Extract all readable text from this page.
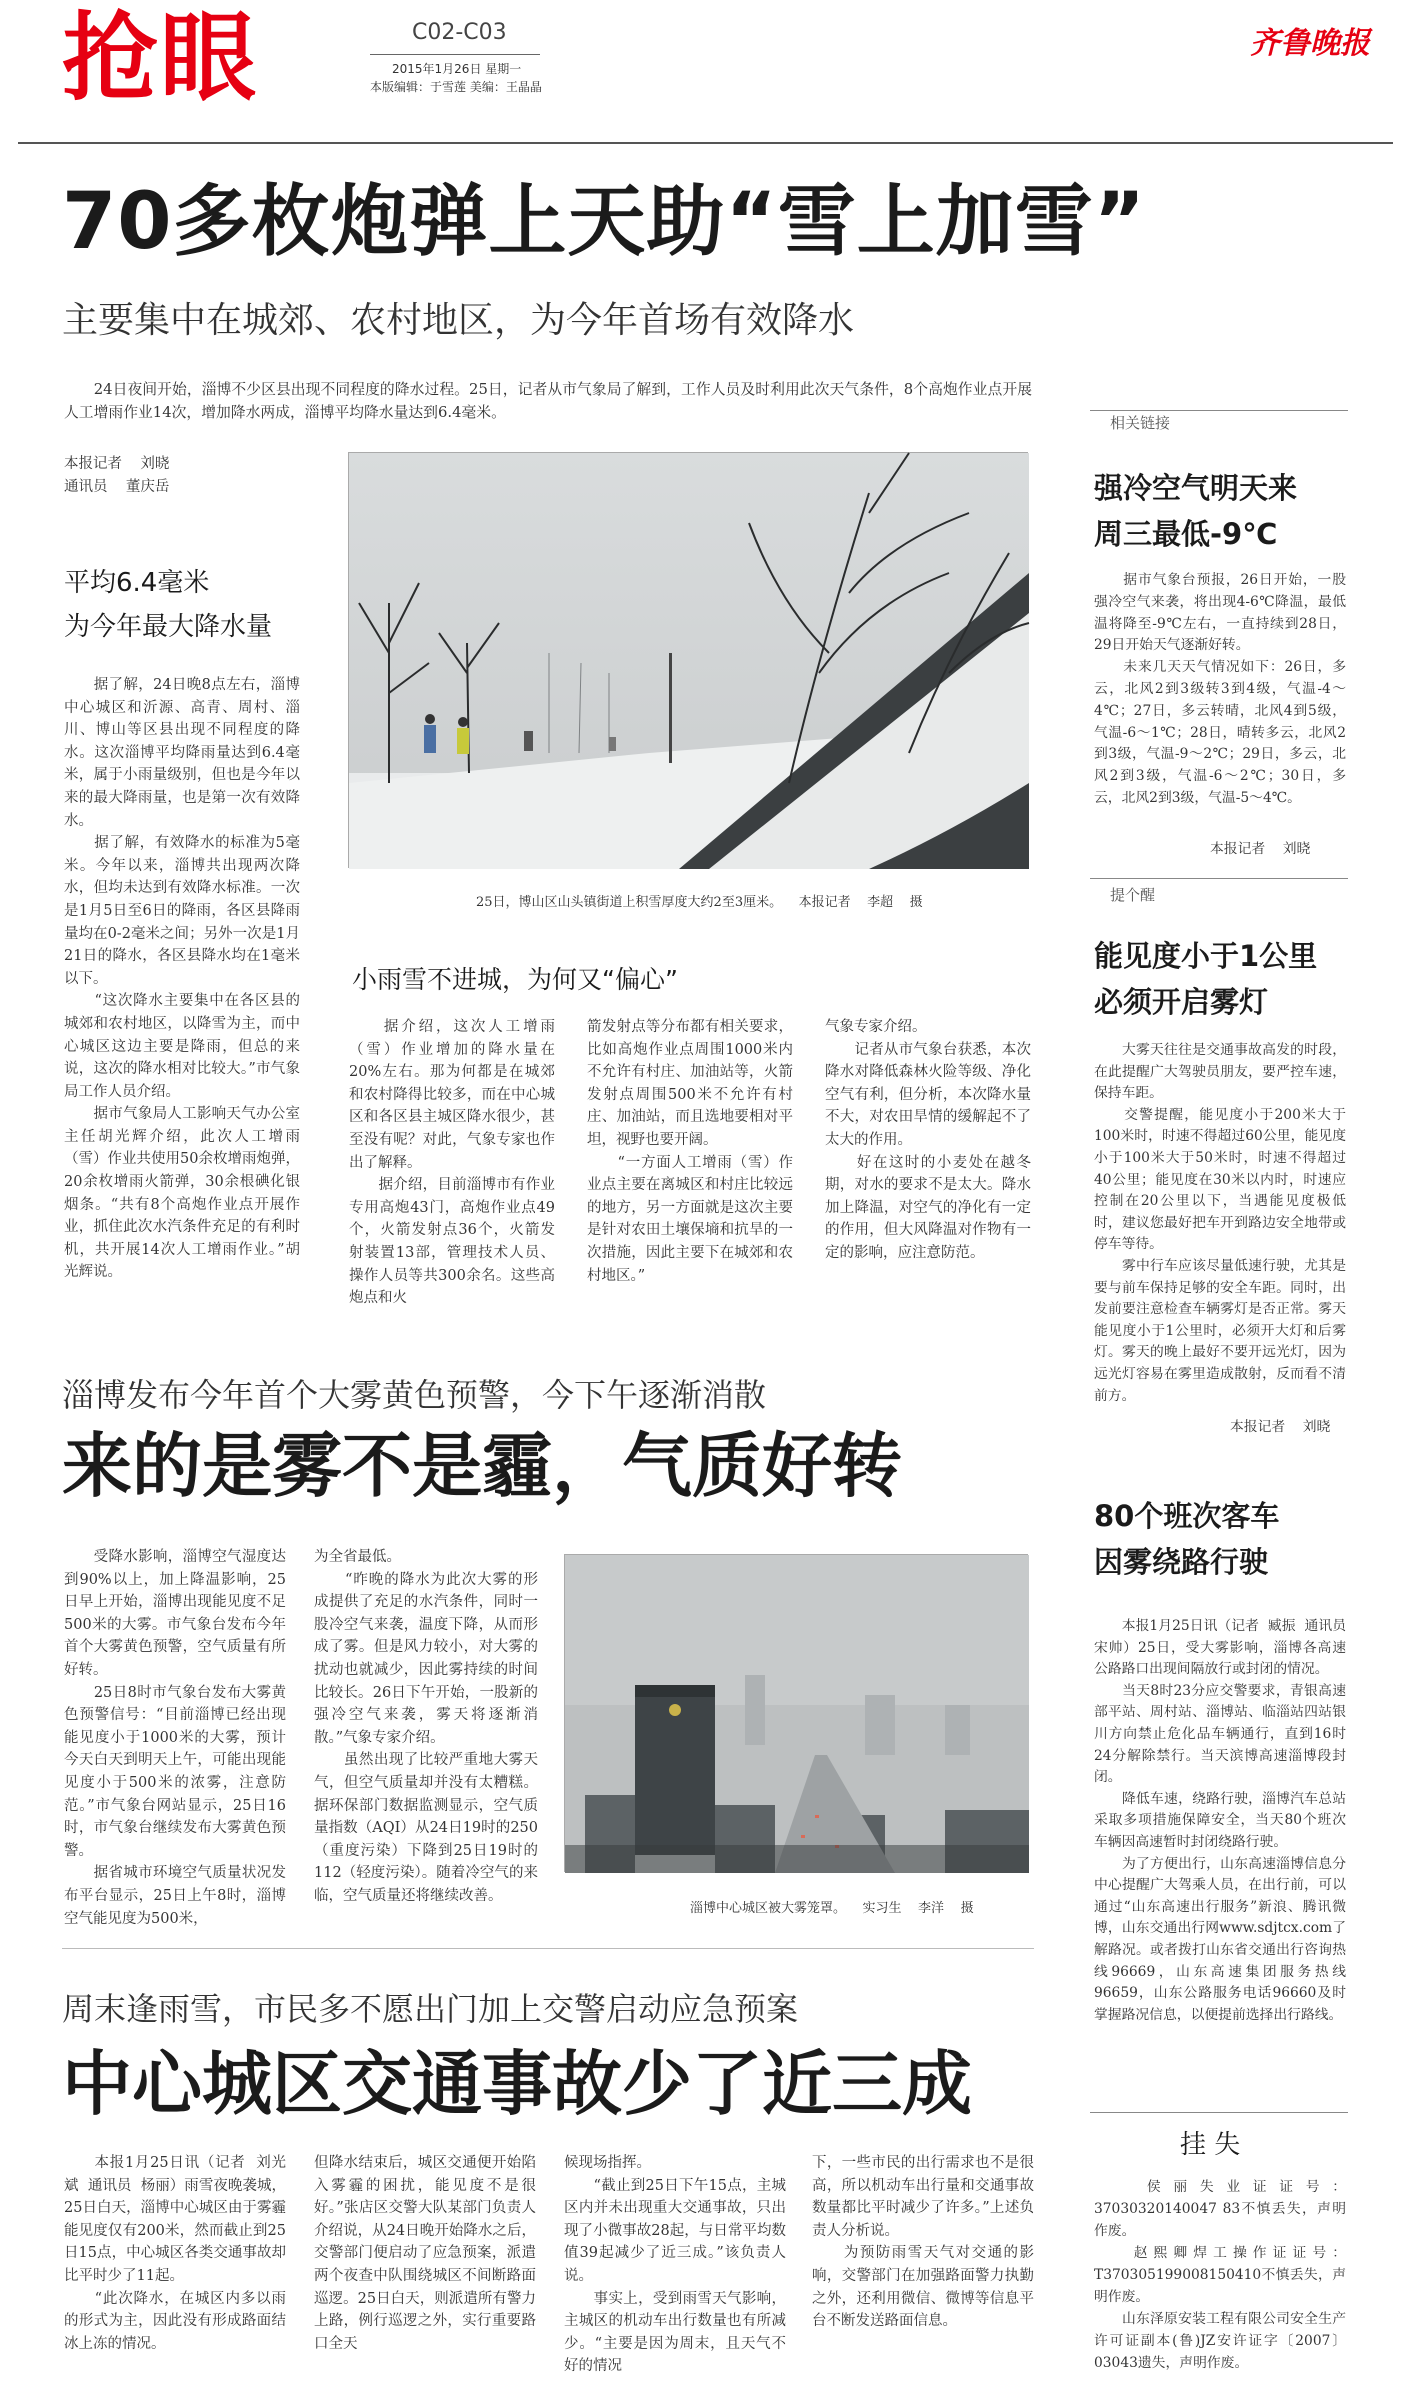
抢眼	C02-C03
2015年1月26日 星期一
本版编辑：于雪莲 美编：王晶晶
齐鲁晚报
70多枚炮弹上天助“雪上加雪”
主要集中在城郊、农村地区，为今年首场有效降水
　　24日夜间开始，淄博不少区县出现不同程度的降水过程。25日，记者从市气象局了解到，工作人员及时利用此次天气条件，8个高炮作业点开展人工增雨作业14次，增加降水两成，淄博平均降水量达到6.4毫米。
本报记者    刘晓
通讯员    董庆岳
平均6.4毫米
为今年最大降水量
　　据了解，24日晚8点左右，淄博中心城区和沂源、高青、周村、淄川、博山等区县出现不同程度的降水。这次淄博平均降雨量达到6.4毫米，属于小雨量级别，但也是今年以来的最大降雨量，也是第一次有效降水。
　　据了解，有效降水的标准为5毫米。今年以来，淄博共出现两次降水，但均未达到有效降水标准。一次是1月5日至6日的降雨，各区县降雨量均在0-2毫米之间；另外一次是1月21日的降水，各区县降水均在1毫米以下。
　　“这次降水主要集中在各区县的城郊和农村地区，以降雪为主，而中心城区这边主要是降雨，但总的来说，这次的降水相对比较大。”市气象局工作人员介绍。
　　据市气象局人工影响天气办公室主任胡光辉介绍，此次人工增雨（雪）作业共使用50余枚增雨炮弹，20余枚增雨火箭弹，30余根碘化银烟条。“共有8个高炮作业点开展作业，抓住此次水汽条件充足的有利时机，共开展14次人工增雨作业。”胡光辉说。
25日，博山区山头镇街道上积雪厚度大约2至3厘米。    本报记者    李超    摄
小雨雪不进城，为何又“偏心”
　　据介绍，这次人工增雨（雪）作业增加的降水量在20%左右。那为何都是在城郊和农村降得比较多，而在中心城区和各区县主城区降水很少，甚至没有呢？对此，气象专家也作出了解释。
　　据介绍，目前淄博市有作业专用高炮43门，高炮作业点49个，火箭发射点36个，火箭发射装置13部，管理技术人员、操作人员等共300余名。这些高炮点和火
箭发射点等分布都有相关要求，比如高炮作业点周围1000米内不允许有村庄、加油站等，火箭发射点周围500米不允许有村庄、加油站，而且选地要相对平坦，视野也要开阔。
　　“一方面人工增雨（雪）作业点主要在离城区和村庄比较远的地方，另一方面就是这次主要是针对农田土壤保墒和抗旱的一次措施，因此主要下在城郊和农村地区。”
气象专家介绍。
　　记者从市气象台获悉，本次降水对降低森林火险等级、净化空气有利，但分析，本次降水量不大，对农田旱情的缓解起不了太大的作用。
　　好在这时的小麦处在越冬期，对水的要求不是太大。降水加上降温，对空气的净化有一定的作用，但大风降温对作物有一定的影响，应注意防范。
淄博发布今年首个大雾黄色预警，今下午逐渐消散
来的是雾不是霾，气质好转
　　受降水影响，淄博空气湿度达到90%以上，加上降温影响，25日早上开始，淄博出现能见度不足500米的大雾。市气象台发布今年首个大雾黄色预警，空气质量有所好转。
　　25日8时市气象台发布大雾黄色预警信号：“目前淄博已经出现能见度小于1000米的大雾，预计今天白天到明天上午，可能出现能见度小于500米的浓雾，注意防范。”市气象台网站显示，25日16时，市气象台继续发布大雾黄色预警。
　　据省城市环境空气质量状况发布平台显示，25日上午8时，淄博空气能见度为500米，
为全省最低。
　　“昨晚的降水为此次大雾的形成提供了充足的水汽条件，同时一股冷空气来袭，温度下降，从而形成了雾。但是风力较小，对大雾的扰动也就减少，因此雾持续的时间比较长。26日下午开始，一股新的强冷空气来袭，雾天将逐渐消散。”气象专家介绍。
　　虽然出现了比较严重地大雾天气，但空气质量却并没有太糟糕。据环保部门数据监测显示，空气质量指数（AQI）从24日19时的250（重度污染）下降到25日19时的112（轻度污染）。随着冷空气的来临，空气质量还将继续改善。
淄博中心城区被大雾笼罩。    实习生    李洋    摄
周末逢雨雪，市民多不愿出门加上交警启动应急预案
中心城区交通事故少了近三成
　　本报1月25日讯（记者  刘光斌  通讯员  杨丽）雨雪夜晚袭城，25日白天，淄博中心城区由于雾霾能见度仅有200米，然而截止到25日15点，中心城区各类交通事故却比平时少了11起。
　　“此次降水，在城区内多以雨的形式为主，因此没有形成路面结冰上冻的情况。
但降水结束后，城区交通便开始陷入雾霾的困扰，能见度不是很好。”张店区交警大队某部门负责人介绍说，从24日晚开始降水之后，交警部门便启动了应急预案，派遣两个夜查中队围绕城区不间断路面巡逻。25日白天，则派遣所有警力上路，例行巡逻之外，实行重要路口全天
候现场指挥。
　　“截止到25日下午15点，主城区内并未出现重大交通事故，只出现了小微事故28起，与日常平均数值39起减少了近三成。”该负责人说。
　　事实上，受到雨雪天气影响，主城区的机动车出行数量也有所减少。“主要是因为周末，且天气不好的情况
下，一些市民的出行需求也不是很高，所以机动车出行量和交通事故数量都比平时减少了许多。”上述负责人分析说。
　　为预防雨雪天气对交通的影响，交警部门在加强路面警力执勤之外，还利用微信、微博等信息平台不断发送路面信息。
相关链接
强冷空气明天来
周三最低-9℃
　　据市气象台预报，26日开始，一股强冷空气来袭，将出现4-6℃降温，最低温将降至-9℃左右，一直持续到28日，29日开始天气逐渐好转。
　　未来几天天气情况如下：26日，多云，北风2到3级转3到4级，气温-4～4℃；27日，多云转晴，北风4到5级，气温-6～1℃；28日，晴转多云，北风2到3级，气温-9～2℃；29日，多云，北风2到3级，气温-6～2℃；30日，多云，北风2到3级，气温-5～4℃。
本报记者    刘晓
提个醒
能见度小于1公里
必须开启雾灯
　　大雾天往往是交通事故高发的时段，在此提醒广大驾驶员朋友，要严控车速，保持车距。
　　交警提醒，能见度小于200米大于100米时，时速不得超过60公里，能见度小于100米大于50米时，时速不得超过40公里；能见度在30米以内时，时速应控制在20公里以下，当遇能见度极低时，建议您最好把车开到路边安全地带或停车等待。
　　雾中行车应该尽量低速行驶，尤其是要与前车保持足够的安全车距。同时，出发前要注意检查车辆雾灯是否正常。雾天能见度小于1公里时，必须开大灯和后雾灯。雾天的晚上最好不要开远光灯，因为远光灯容易在雾里造成散射，反而看不清前方。
本报记者    刘晓
80个班次客车
因雾绕路行驶
　　本报1月25日讯（记者  臧振  通讯员  宋帅）25日，受大雾影响，淄博各高速公路路口出现间隔放行或封闭的情况。
　　当天8时23分应交警要求，青银高速部平站、周村站、淄博站、临淄站四站银川方向禁止危化品车辆通行，直到16时24分解除禁行。当天滨博高速淄博段封闭。
　　降低车速，绕路行驶，淄博汽车总站采取多项措施保障安全，当天80个班次车辆因高速暂时封闭绕路行驶。
　　为了方便出行，山东高速淄博信息分中心提醒广大驾乘人员，在出行前，可以通过“山东高速出行服务”新浪、腾讯微博，山东交通出行网www.sdjtcx.com了解路况。或者拨打山东省交通出行咨询热线96669，山东高速集团服务热线96659，山东公路服务电话96660及时掌握路况信息，以便提前选择出行路线。
挂 失
　　侯丽失业证证号：37030320140047 83不慎丢失，声明作废。
　　赵熙卿焊工操作证证号：T370305199008150410不慎丢失，声明作废。
　　山东泽原安装工程有限公司安全生产许可证副本(鲁)JZ安许证字〔2007〕03043遗失，声明作废。
